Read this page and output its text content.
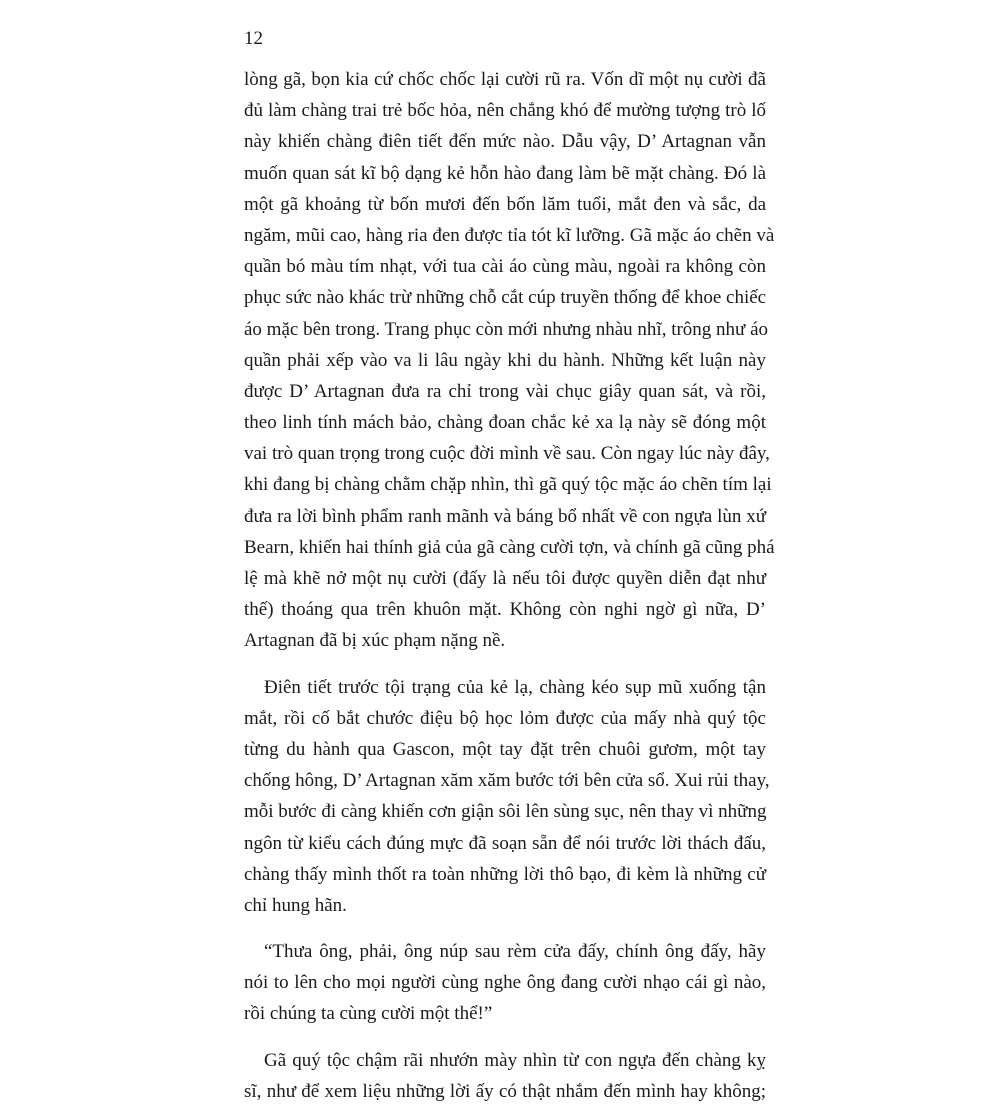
12
lòng gã, bọn kia cứ chốc chốc lại cười rũ ra. Vốn dĩ một nụ cười đã
đủ làm chàng trai trẻ bốc hỏa, nên chẳng khó để mường tượng trò lố
này khiến chàng điên tiết đến mức nào. Dẫu vậy, D’ Artagnan vẫn
muốn quan sát kĩ bộ dạng kẻ hỗn hào đang làm bẽ mặt chàng. Đó là
một gã khoảng từ bốn mươi đến bốn lăm tuổi, mắt đen và sắc, da
ngăm, mũi cao, hàng ria đen được tỉa tót kĩ lưỡng. Gã mặc áo chẽn và
quần bó màu tím nhạt, với tua cài áo cùng màu, ngoài ra không còn
phục sức nào khác trừ những chỗ cắt cúp truyền thống để khoe chiếc
áo mặc bên trong. Trang phục còn mới nhưng nhàu nhĩ, trông như áo
quần phải xếp vào va li lâu ngày khi du hành. Những kết luận này
được D’ Artagnan đưa ra chỉ trong vài chục giây quan sát, và rồi,
theo linh tính mách bảo, chàng đoan chắc kẻ xa lạ này sẽ đóng một
vai trò quan trọng trong cuộc đời mình về sau. Còn ngay lúc này đây,
khi đang bị chàng chằm chặp nhìn, thì gã quý tộc mặc áo chẽn tím lại
đưa ra lời bình phẩm ranh mãnh và báng bổ nhất về con ngựa lùn xứ
Bearn, khiến hai thính giả của gã càng cười tợn, và chính gã cũng phá
lệ mà khẽ nở một nụ cười (đấy là nếu tôi được quyền diễn đạt như
thế) thoáng qua trên khuôn mặt. Không còn nghi ngờ gì nữa, D’
Artagnan đã bị xúc phạm nặng nề.
Điên tiết trước tội trạng của kẻ lạ, chàng kéo sụp mũ xuống tận
mắt, rồi cố bắt chước điệu bộ học lỏm được của mấy nhà quý tộc
từng du hành qua Gascon, một tay đặt trên chuôi gươm, một tay
chống hông, D’ Artagnan xăm xăm bước tới bên cửa sổ. Xui rủi thay,
mỗi bước đi càng khiến cơn giận sôi lên sùng sục, nên thay vì những
ngôn từ kiểu cách đúng mực đã soạn sẵn để nói trước lời thách đấu,
chàng thấy mình thốt ra toàn những lời thô bạo, đi kèm là những cử
chỉ hung hãn.
“Thưa ông, phải, ông núp sau rèm cửa đấy, chính ông đấy, hãy
nói to lên cho mọi người cùng nghe ông đang cười nhạo cái gì nào,
rồi chúng ta cùng cười một thể!”
Gã quý tộc chậm rãi nhướn mày nhìn từ con ngựa đến chàng kỵ
sĩ, như để xem liệu những lời ấy có thật nhắm đến mình hay không;
